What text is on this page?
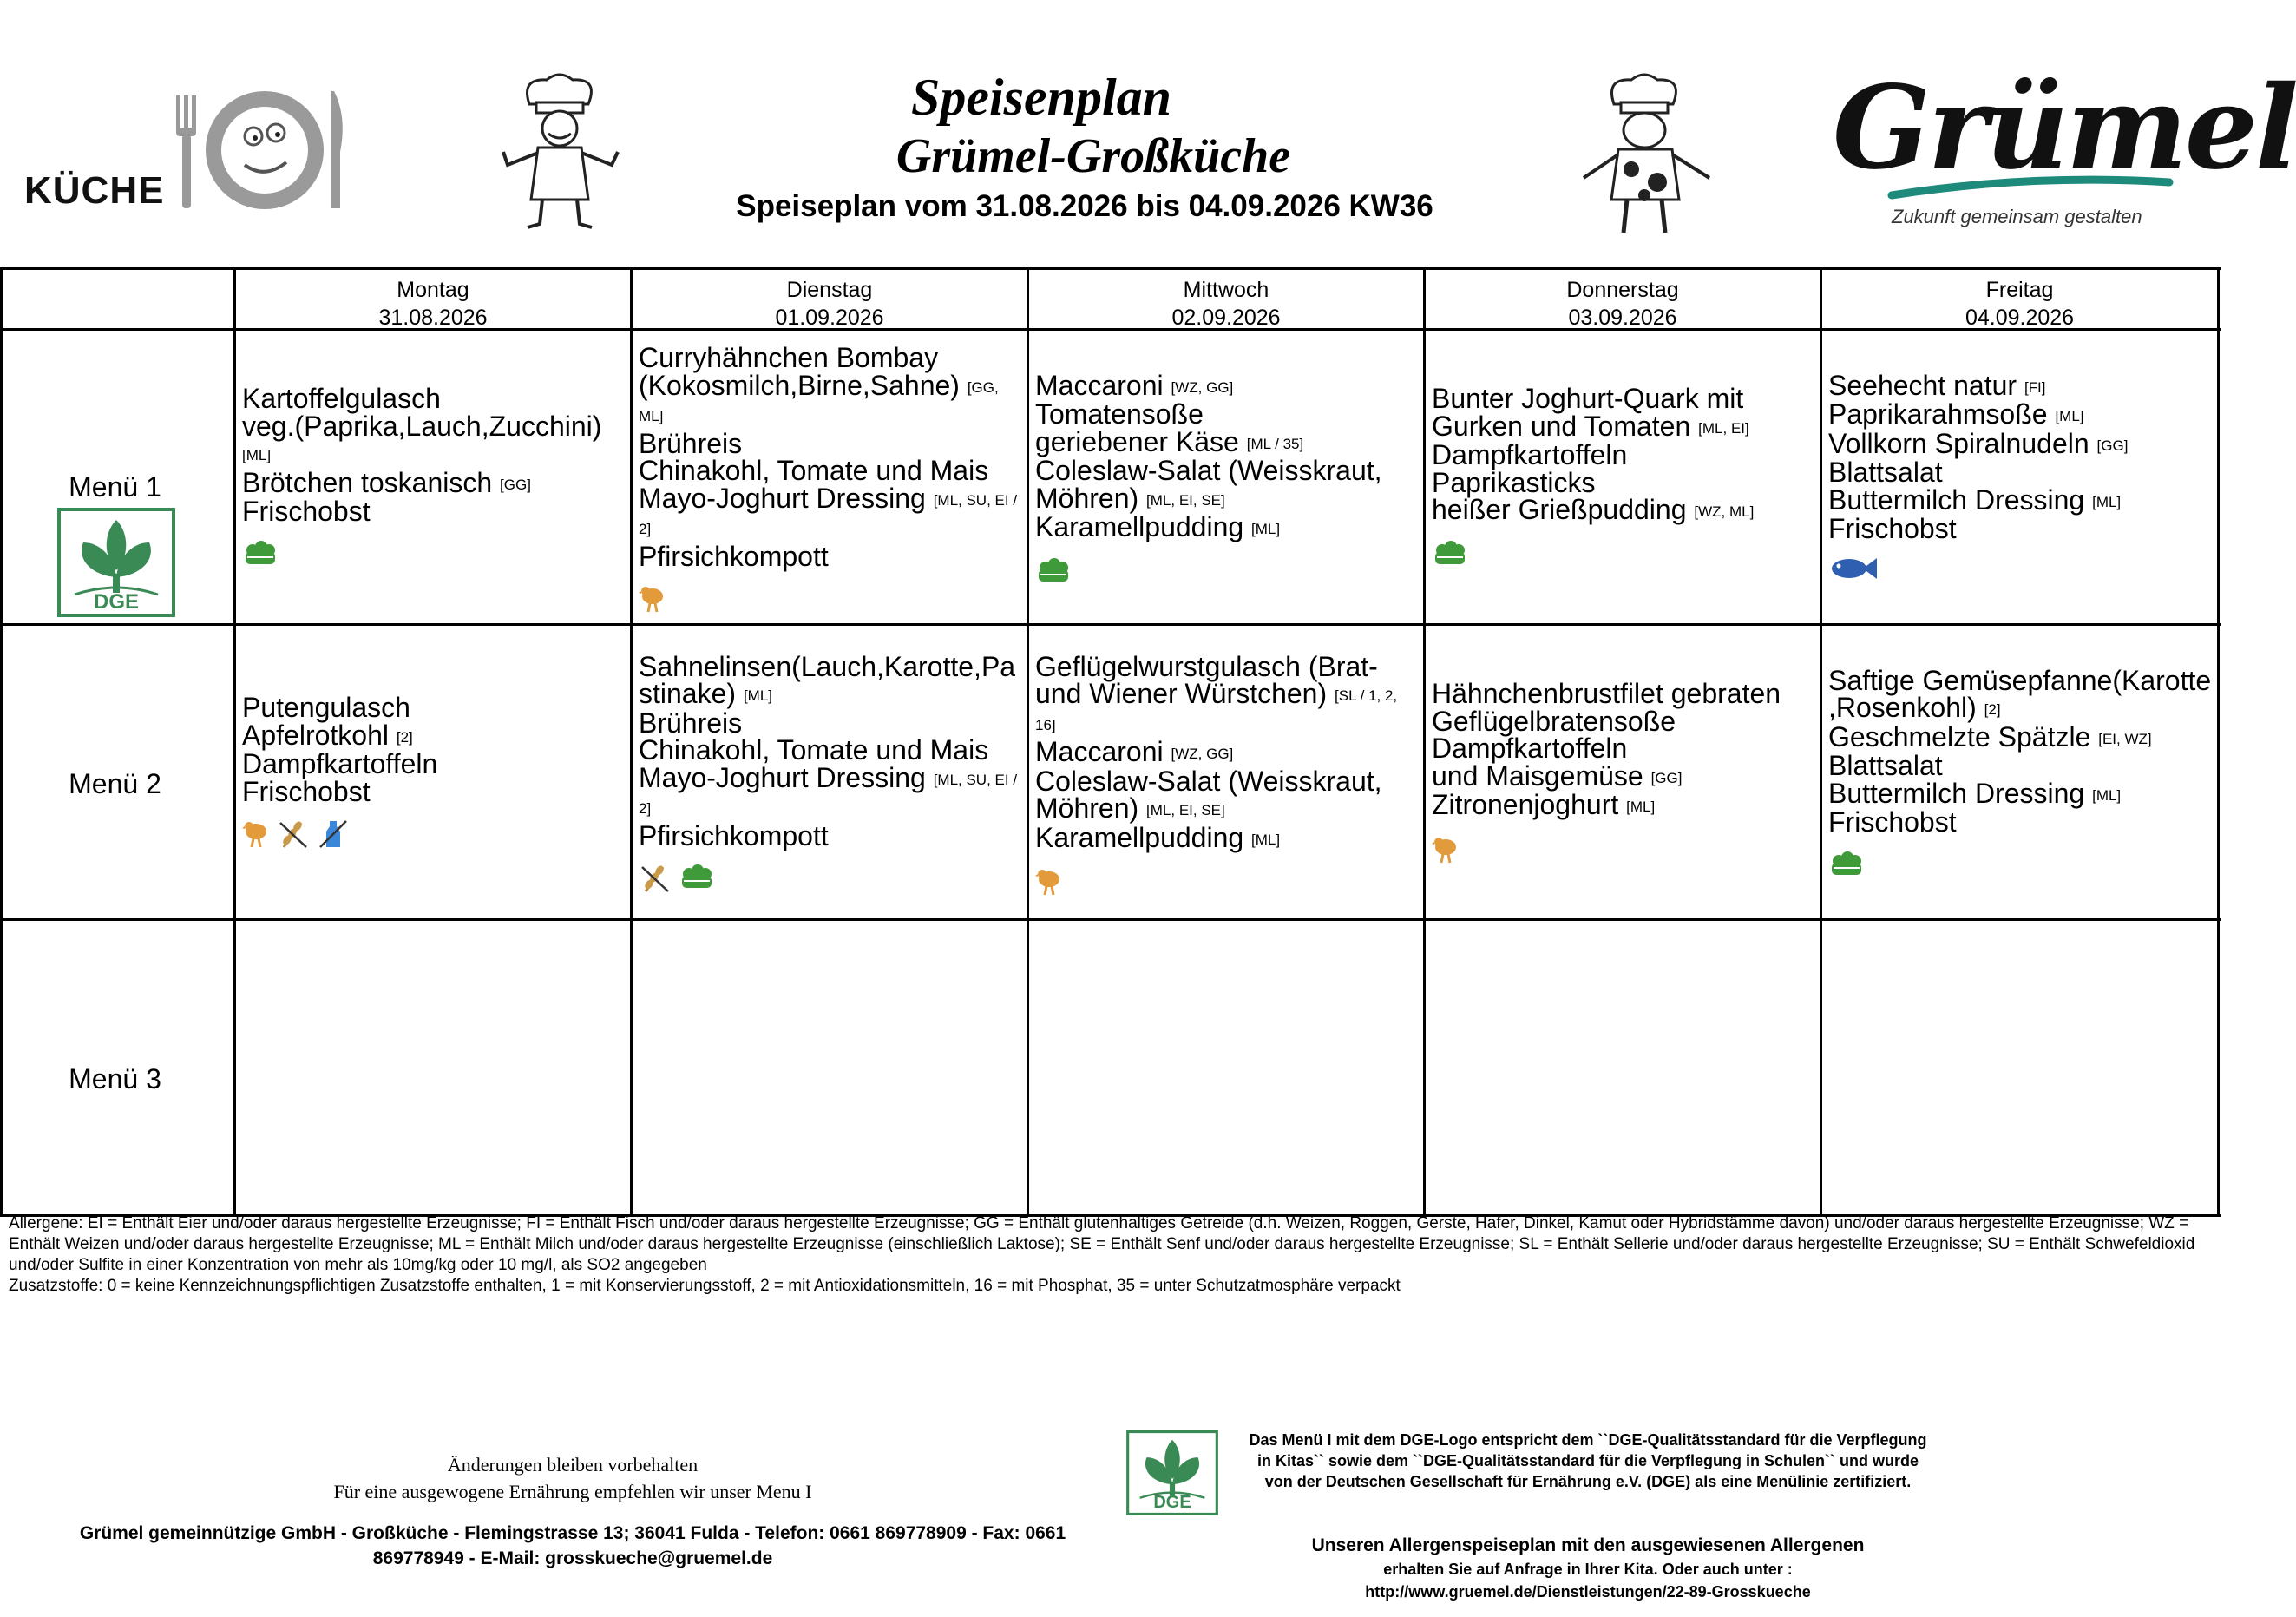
KÜCHE
Speisenplan
Grümel-Großküche
Speiseplan vom 31.08.2026 bis 04.09.2026 KW36
Grümel
Zukunft gemeinsam gestalten
Montag
31.08.2026
Dienstag
01.09.2026
Mittwoch
02.09.2026
Donnerstag
03.09.2026
Freitag
04.09.2026
Menü 1
DGE
Menü 2
Menü 3
Kartoffelgulasch
veg.(Paprika,Lauch,Zucchini)
[ML]
Brötchen toskanisch [GG]
Frischobst
Curryhähnchen Bombay
(Kokosmilch,Birne,Sahne) [GG,
ML]
Brühreis
Chinakohl, Tomate und Mais
Mayo-Joghurt Dressing [ML, SU, EI /
2]
Pfirsichkompott
Maccaroni [WZ, GG]
Tomatensoße
geriebener Käse [ML / 35]
Coleslaw-Salat (Weisskraut,
Möhren) [ML, EI, SE]
Karamellpudding [ML]
Bunter Joghurt-Quark mit
Gurken und Tomaten [ML, EI]
Dampfkartoffeln
Paprikasticks
heißer Grießpudding [WZ, ML]
Seehecht natur [FI]
Paprikarahmsoße [ML]
Vollkorn Spiralnudeln [GG]
Blattsalat
Buttermilch Dressing [ML]
Frischobst
Putengulasch
Apfelrotkohl [2]
Dampfkartoffeln
Frischobst
Sahnelinsen(Lauch,Karotte,Pa
stinake) [ML]
Brühreis
Chinakohl, Tomate und Mais
Mayo-Joghurt Dressing [ML, SU, EI /
2]
Pfirsichkompott
Geflügelwurstgulasch (Brat-
und Wiener Würstchen) [SL / 1, 2,
16]
Maccaroni [WZ, GG]
Coleslaw-Salat (Weisskraut,
Möhren) [ML, EI, SE]
Karamellpudding [ML]
Hähnchenbrustfilet gebraten
Geflügelbratensoße
Dampfkartoffeln
und Maisgemüse [GG]
Zitronenjoghurt [ML]
Saftige Gemüsepfanne(Karotte
,Rosenkohl) [2]
Geschmelzte Spätzle [EI, WZ]
Blattsalat
Buttermilch Dressing [ML]
Frischobst
Allergene: EI = Enthält Eier und/oder daraus hergestellte Erzeugnisse; FI = Enthält Fisch und/oder daraus hergestellte Erzeugnisse; GG = Enthält glutenhaltiges Getreide (d.h. Weizen, Roggen, Gerste, Hafer, Dinkel, Kamut oder Hybridstämme davon) und/oder daraus hergestellte Erzeugnisse; WZ = Enthält Weizen und/oder daraus hergestellte Erzeugnisse; ML = Enthält Milch und/oder daraus hergestellte Erzeugnisse (einschließlich Laktose); SE = Enthält Senf und/oder daraus hergestellte Erzeugnisse; SL = Enthält Sellerie und/oder daraus hergestellte Erzeugnisse; SU = Enthält Schwefeldioxid und/oder Sulfite in einer Konzentration von mehr als 10mg/kg oder 10 mg/l, als SO2 angegeben
Zusatzstoffe: 0 = keine Kennzeichnungspflichtigen Zusatzstoffe enthalten, 1 = mit Konservierungsstoff, 2 = mit Antioxidationsmitteln, 16 = mit Phosphat, 35 = unter Schutzatmosphäre verpackt
Änderungen bleiben vorbehalten
Für eine ausgewogene Ernährung empfehlen wir unser Menu I
Grümel gemeinnützige GmbH - Großküche - Flemingstrasse 13; 36041 Fulda - Telefon: 0661 869778909 - Fax: 0661
869778949 - E-Mail: grosskueche@gruemel.de
DGE
Das Menü I mit dem DGE-Logo entspricht dem ``DGE-Qualitätsstandard für die Verpflegung
in Kitas`` sowie dem ``DGE-Qualitätsstandard für die Verpflegung in Schulen`` und wurde
von der Deutschen Gesellschaft für Ernährung e.V. (DGE) als eine Menülinie zertifiziert.
Unseren Allergenspeiseplan mit den ausgewiesenen Allergenen
erhalten Sie auf Anfrage in Ihrer Kita. Oder auch unter :
http://www.gruemel.de/Dienstleistungen/22-89-Grosskueche
